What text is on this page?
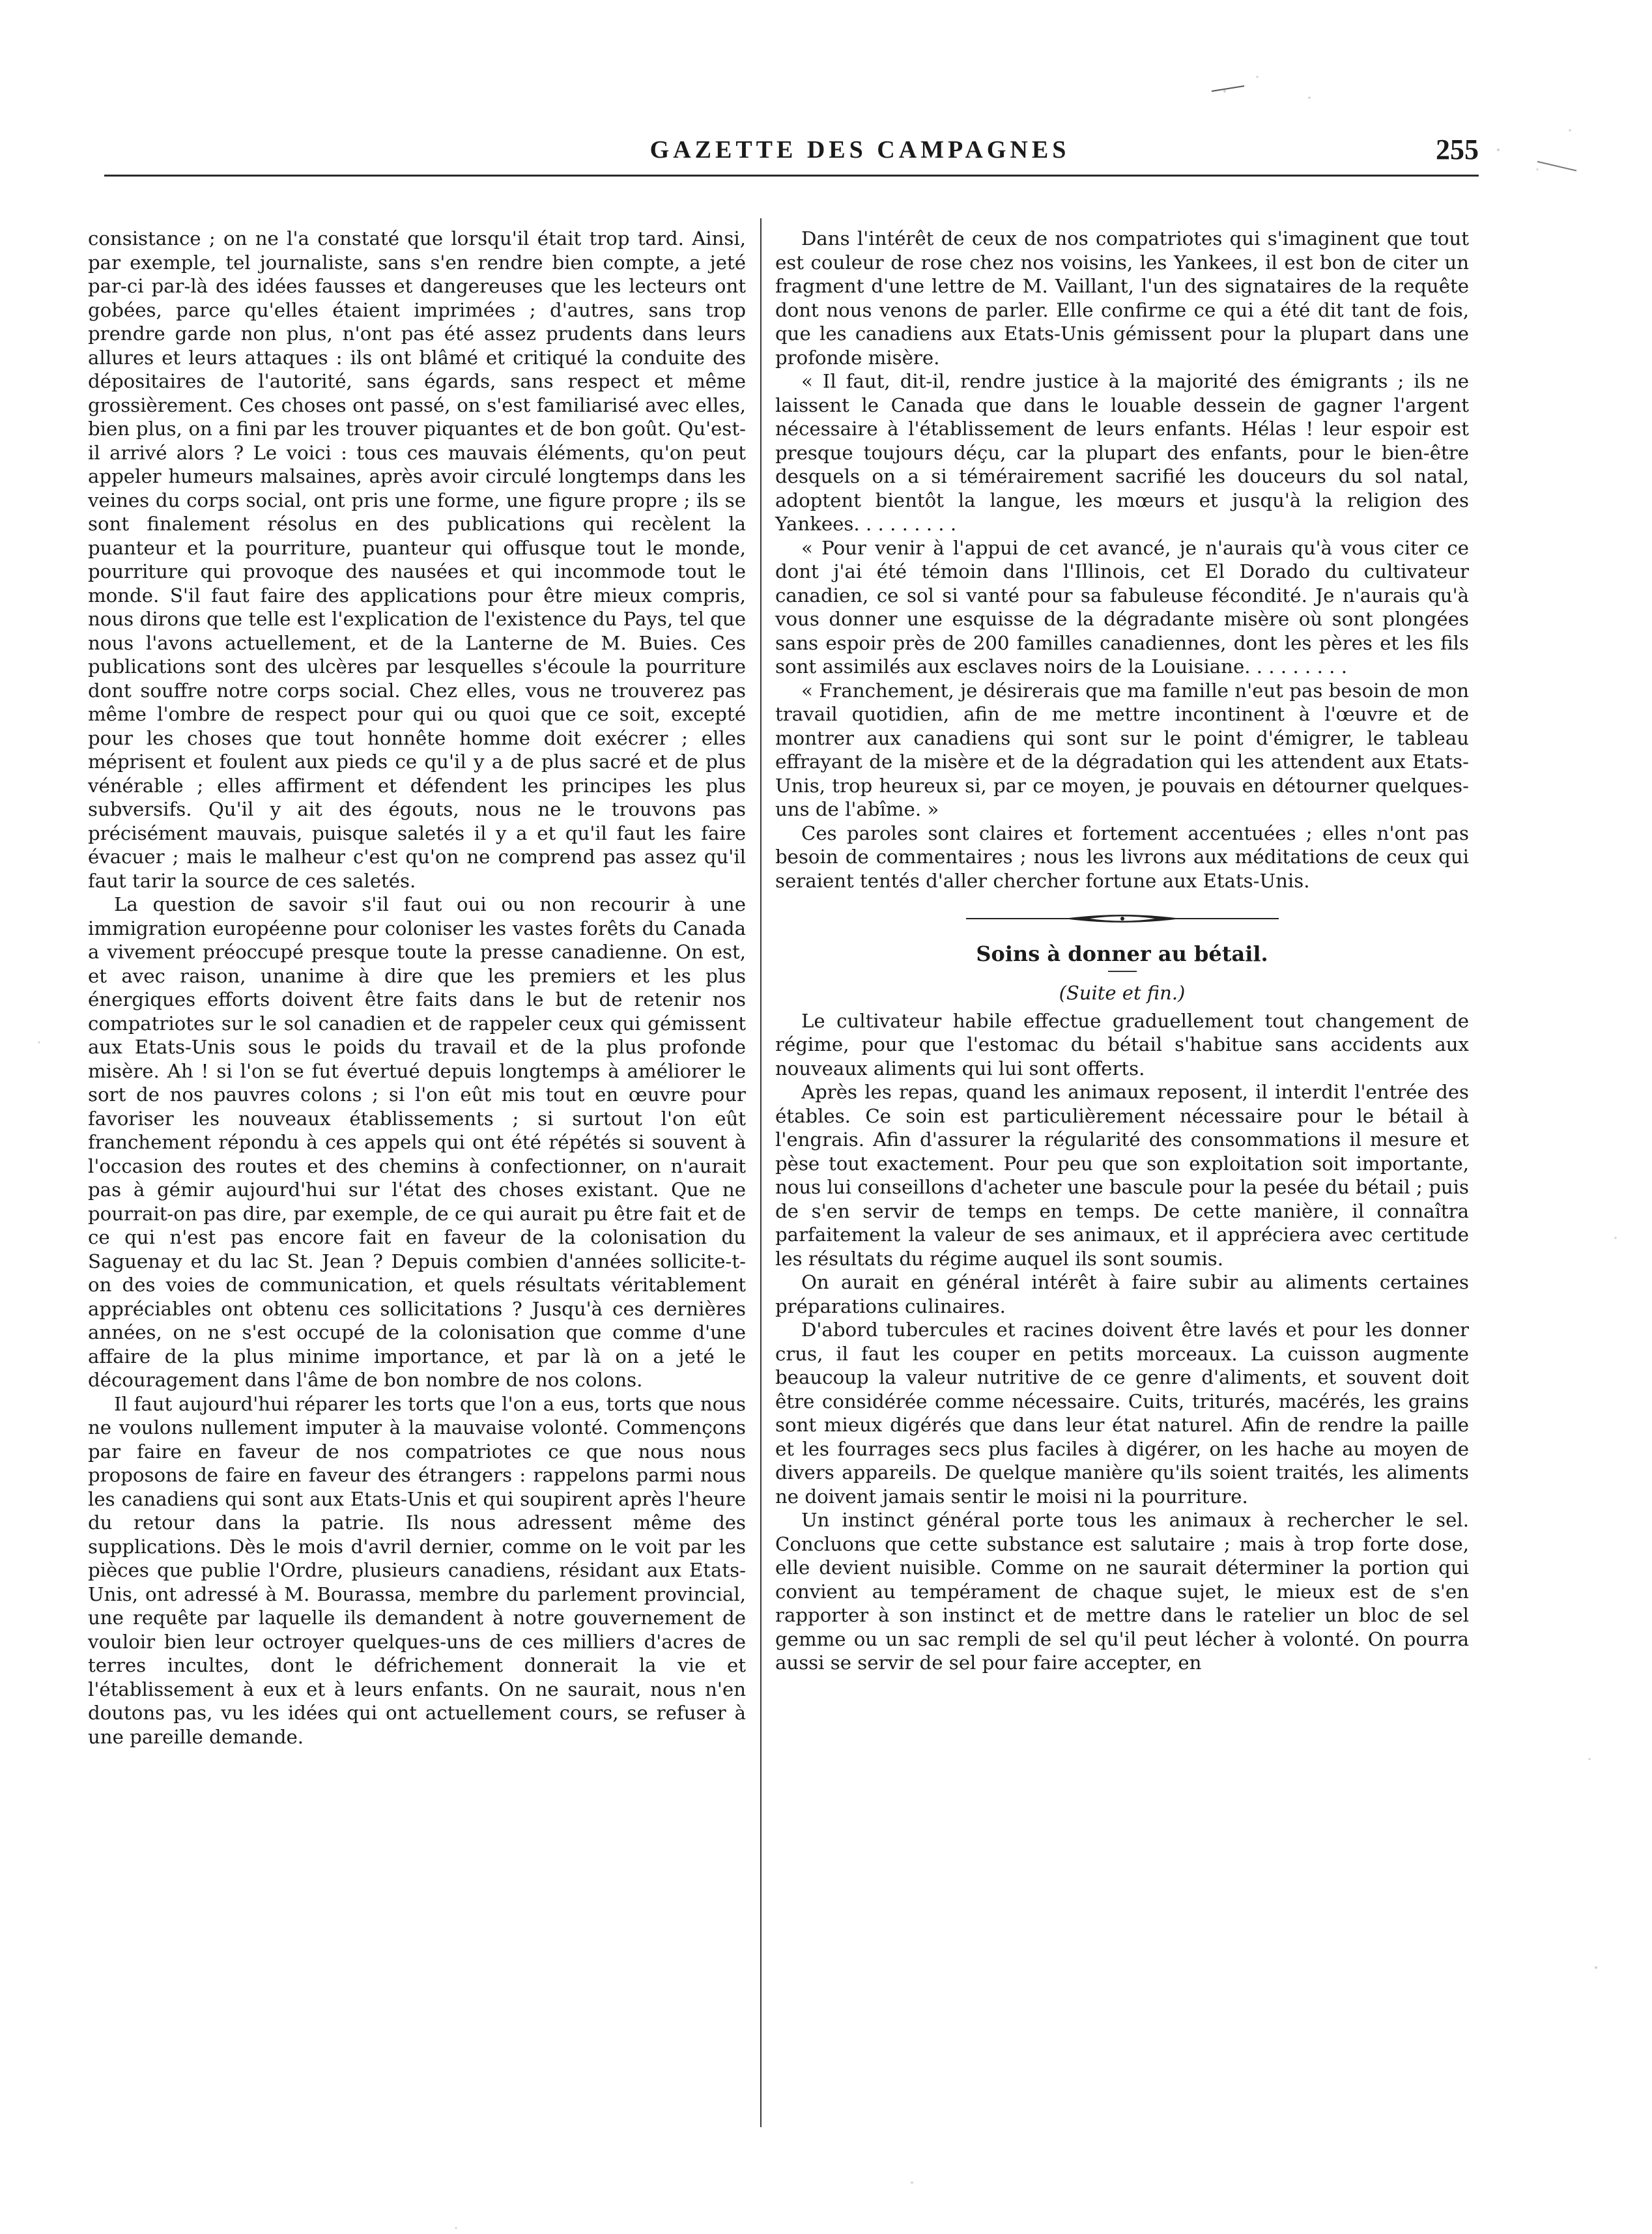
GAZETTE DES CAMPAGNES	255

consistance ; on ne l'a constaté que lorsqu'il était trop tard. Ainsi, par exemple, tel journaliste, sans s'en rendre bien compte, a jeté par-ci par-là des idées fausses et dangereuses que les lecteurs ont gobées, parce qu'elles étaient imprimées ; d'autres, sans trop prendre garde non plus, n'ont pas été assez prudents dans leurs allures et leurs attaques : ils ont blâmé et critiqué la conduite des dépositaires de l'autorité, sans égards, sans respect et même grossièrement. Ces choses ont passé, on s'est familiarisé avec elles, bien plus, on a fini par les trouver piquantes et de bon goût. Qu'est-il arrivé alors ? Le voici : tous ces mauvais éléments, qu'on peut appeler humeurs malsaines, après avoir circulé longtemps dans les veines du corps social, ont pris une forme, une figure propre ; ils se sont finalement résolus en des publications qui recèlent la puanteur et la pourriture, puanteur qui offusque tout le monde, pourriture qui provoque des nausées et qui incommode tout le monde. S'il faut faire des applications pour être mieux compris, nous dirons que telle est l'explication de l'existence du Pays, tel que nous l'avons actuellement, et de la Lanterne de M. Buies. Ces publications sont des ulcères par lesquelles s'écoule la pourriture dont souffre notre corps social. Chez elles, vous ne trouverez pas même l'ombre de respect pour qui ou quoi que ce soit, excepté pour les choses que tout honnête homme doit exécrer ; elles méprisent et foulent aux pieds ce qu'il y a de plus sacré et de plus vénérable ; elles affirment et défendent les principes les plus subversifs. Qu'il y ait des égouts, nous ne le trouvons pas précisément mauvais, puisque saletés il y a et qu'il faut les faire évacuer ; mais le malheur c'est qu'on ne comprend pas assez qu'il faut tarir la source de ces saletés.

La question de savoir s'il faut oui ou non recourir à une immigration européenne pour coloniser les vastes forêts du Canada a vivement préoccupé presque toute la presse canadienne. On est, et avec raison, unanime à dire que les premiers et les plus énergiques efforts doivent être faits dans le but de retenir nos compatriotes sur le sol canadien et de rappeler ceux qui gémissent aux Etats-Unis sous le poids du travail et de la plus profonde misère. Ah ! si l'on se fut évertué depuis longtemps à améliorer le sort de nos pauvres colons ; si l'on eût mis tout en œuvre pour favoriser les nouveaux établissements ; si surtout l'on eût franchement répondu à ces appels qui ont été répétés si souvent à l'occasion des routes et des chemins à confectionner, on n'aurait pas à gémir aujourd'hui sur l'état des choses existant. Que ne pourrait-on pas dire, par exemple, de ce qui aurait pu être fait et de ce qui n'est pas encore fait en faveur de la colonisation du Saguenay et du lac St. Jean ? Depuis combien d'années sollicite-t-on des voies de communication, et quels résultats véritablement appréciables ont obtenu ces sollicitations ? Jusqu'à ces dernières années, on ne s'est occupé de la colonisation que comme d'une affaire de la plus minime importance, et par là on a jeté le découragement dans l'âme de bon nombre de nos colons.

Il faut aujourd'hui réparer les torts que l'on a eus, torts que nous ne voulons nullement imputer à la mauvaise volonté. Commençons par faire en faveur de nos compatriotes ce que nous nous proposons de faire en faveur des étrangers : rappelons parmi nous les canadiens qui sont aux Etats-Unis et qui soupirent après l'heure du retour dans la patrie. Ils nous adressent même des supplications. Dès le mois d'avril dernier, comme on le voit par les pièces que publie l'Ordre, plusieurs canadiens, résidant aux Etats-Unis, ont adressé à M. Bourassa, membre du parlement provincial, une requête par laquelle ils demandent à notre gouvernement de vouloir bien leur octroyer quelques-uns de ces milliers d'acres de terres incultes, dont le défrichement donnerait la vie et l'établissement à eux et à leurs enfants. On ne saurait, nous n'en doutons pas, vu les idées qui ont actuellement cours, se refuser à une pareille demande.

Dans l'intérêt de ceux de nos compatriotes qui s'imaginent que tout est couleur de rose chez nos voisins, les Yankees, il est bon de citer un fragment d'une lettre de M. Vaillant, l'un des signataires de la requête dont nous venons de parler. Elle confirme ce qui a été dit tant de fois, que les canadiens aux Etats-Unis gémissent pour la plupart dans une profonde misère.

« Il faut, dit-il, rendre justice à la majorité des émigrants ; ils ne laissent le Canada que dans le louable dessein de gagner l'argent nécessaire à l'établissement de leurs enfants. Hélas ! leur espoir est presque toujours déçu, car la plupart des enfants, pour le bien-être desquels on a si témérairement sacrifié les douceurs du sol natal, adoptent bientôt la langue, les mœurs et jusqu'à la religion des Yankees. . . . . . . . .

« Pour venir à l'appui de cet avancé, je n'aurais qu'à vous citer ce dont j'ai été témoin dans l'Illinois, cet El Dorado du cultivateur canadien, ce sol si vanté pour sa fabuleuse fécondité. Je n'aurais qu'à vous donner une esquisse de la dégradante misère où sont plongées sans espoir près de 200 familles canadiennes, dont les pères et les fils sont assimilés aux esclaves noirs de la Louisiane. . . . . . . . .

« Franchement, je désirerais que ma famille n'eut pas besoin de mon travail quotidien, afin de me mettre incontinent à l'œuvre et de montrer aux canadiens qui sont sur le point d'émigrer, le tableau effrayant de la misère et de la dégradation qui les attendent aux Etats-Unis, trop heureux si, par ce moyen, je pouvais en détourner quelques-uns de l'abîme. »

Ces paroles sont claires et fortement accentuées ; elles n'ont pas besoin de commentaires ; nous les livrons aux méditations de ceux qui seraient tentés d'aller chercher fortune aux Etats-Unis.

Soins à donner au bétail.
(Suite et fin.)

Le cultivateur habile effectue graduellement tout changement de régime, pour que l'estomac du bétail s'habitue sans accidents aux nouveaux aliments qui lui sont offerts.

Après les repas, quand les animaux reposent, il interdit l'entrée des étables. Ce soin est particulièrement nécessaire pour le bétail à l'engrais. Afin d'assurer la régularité des consommations il mesure et pèse tout exactement. Pour peu que son exploitation soit importante, nous lui conseillons d'acheter une bascule pour la pesée du bétail ; puis de s'en servir de temps en temps. De cette manière, il connaîtra parfaitement la valeur de ses animaux, et il appréciera avec certitude les résultats du régime auquel ils sont soumis.

On aurait en général intérêt à faire subir au aliments certaines préparations culinaires.

D'abord tubercules et racines doivent être lavés et pour les donner crus, il faut les couper en petits morceaux. La cuisson augmente beaucoup la valeur nutritive de ce genre d'aliments, et souvent doit être considérée comme nécessaire. Cuits, triturés, macérés, les grains sont mieux digérés que dans leur état naturel. Afin de rendre la paille et les fourrages secs plus faciles à digérer, on les hache au moyen de divers appareils. De quelque manière qu'ils soient traités, les aliments ne doivent jamais sentir le moisi ni la pourriture.

Un instinct général porte tous les animaux à rechercher le sel. Concluons que cette substance est salutaire ; mais à trop forte dose, elle devient nuisible. Comme on ne saurait déterminer la portion qui convient au tempérament de chaque sujet, le mieux est de s'en rapporter à son instinct et de mettre dans le ratelier un bloc de sel gemme ou un sac rempli de sel qu'il peut lécher à volonté. On pourra aussi se servir de sel pour faire accepter, en
